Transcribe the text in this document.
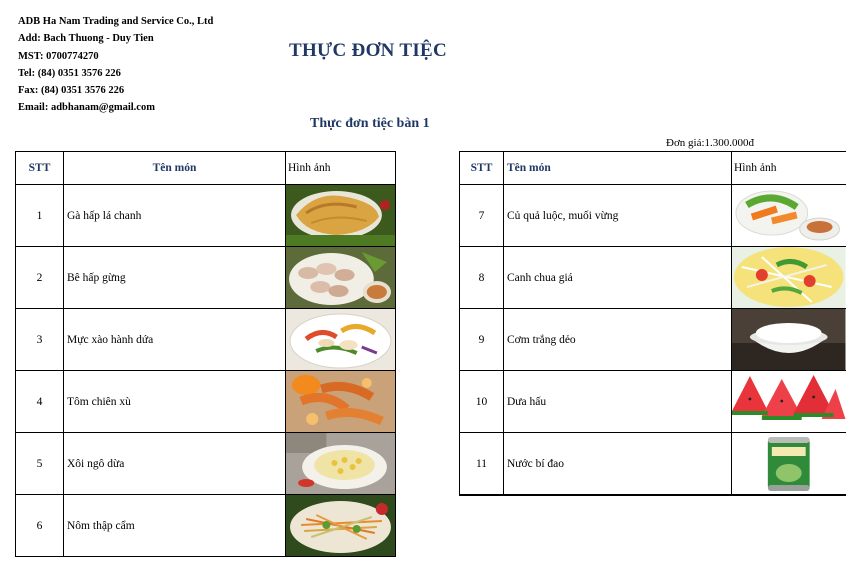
ADB Ha Nam Trading and Service Co., Ltd
Add: Bach Thuong - Duy Tien
MST: 0700774270
Tel: (84) 0351 3576 226
Fax: (84) 0351 3576 226
Email: adbhanam@gmail.com
THỰC ĐƠN TIỆC
Thực đơn tiệc bàn 1
Đơn giá:1.300.000đ
STT	Tên món	Hình ảnh
1	Gà hấp lá chanh	

2	Bê hấp gừng	

3	Mực xào hành dứa	

4	Tôm chiên xù	

5	Xôi ngô dừa	

6	Nôm thập cẩm	
STT	Tên món	Hình ảnh
7	Củ quả luộc, muối vừng	

8	Canh chua giá	

9	Cơm trắng dẻo	

10	Dưa hấu	

11	Nước bí đao	
